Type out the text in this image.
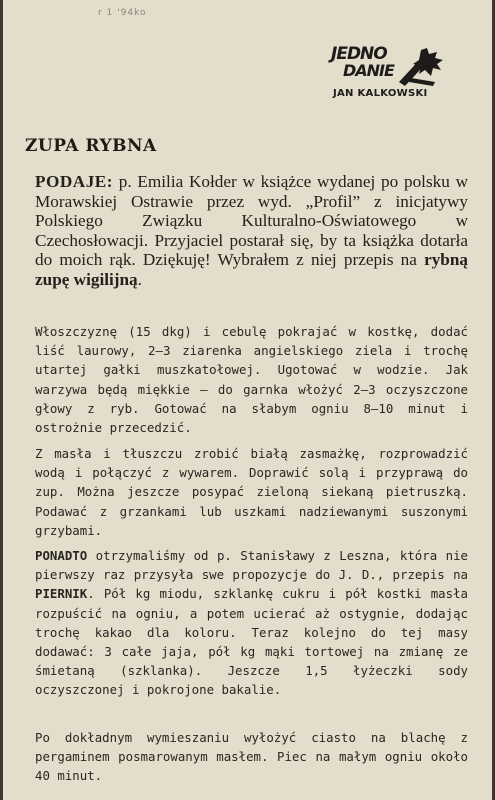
r 1 '94ko
JEDNO
DANIE
JAN KALKOWSKI
ZUPA RYBNA
PODAJE: p. Emilia Kołder w książce wydanej po polsku w Morawskiej Ostrawie przez wyd. „Profil” z inicjatywy Polskiego Związku Kulturalno-Oświatowego w Czechosłowacji. Przyjaciel postarał się, by ta książka dotarła do moich rąk. Dziękuję! Wybrałem z niej przepis na rybną zupę wigilijną.

Włoszczyznę (15 dkg) i cebulę pokrajać w kostkę, dodać liść laurowy, 2—3 ziarenka angielskiego ziela i trochę utartej gałki muszkatołowej. Ugotować w wodzie. Jak warzywa będą miękkie — do garnka włożyć 2—3 oczyszczone głowy z ryb. Gotować na słabym ogniu 8—10 minut i ostrożnie przecedzić.

Z masła i tłuszczu zrobić białą zasmażkę, rozprowadzić wodą i połączyć z wywarem. Doprawić solą i przyprawą do zup. Można jeszcze posypać zieloną siekaną pietruszką. Podawać z grzankami lub uszkami nadziewanymi suszonymi grzybami.

PONADTO otrzymaliśmy od p. Stanisławy z Leszna, która nie pierwszy raz przysyła swe propozycje do J. D., przepis na PIERNIK. Pół kg miodu, szklankę cukru i pół kostki masła rozpuścić na ogniu, a potem ucierać aż ostygnie, dodając trochę kakao dla koloru. Teraz kolejno do tej masy dodawać: 3 całe jaja, pół kg mąki tortowej na zmianę ze śmietaną (szklanka). Jeszcze 1,5 łyżeczki sody oczyszczonej i pokrojone bakalie.

Po dokładnym wymieszaniu wyłożyć ciasto na blachę z pergaminem posmarowanym masłem. Piec na małym ogniu około 40 minut.
